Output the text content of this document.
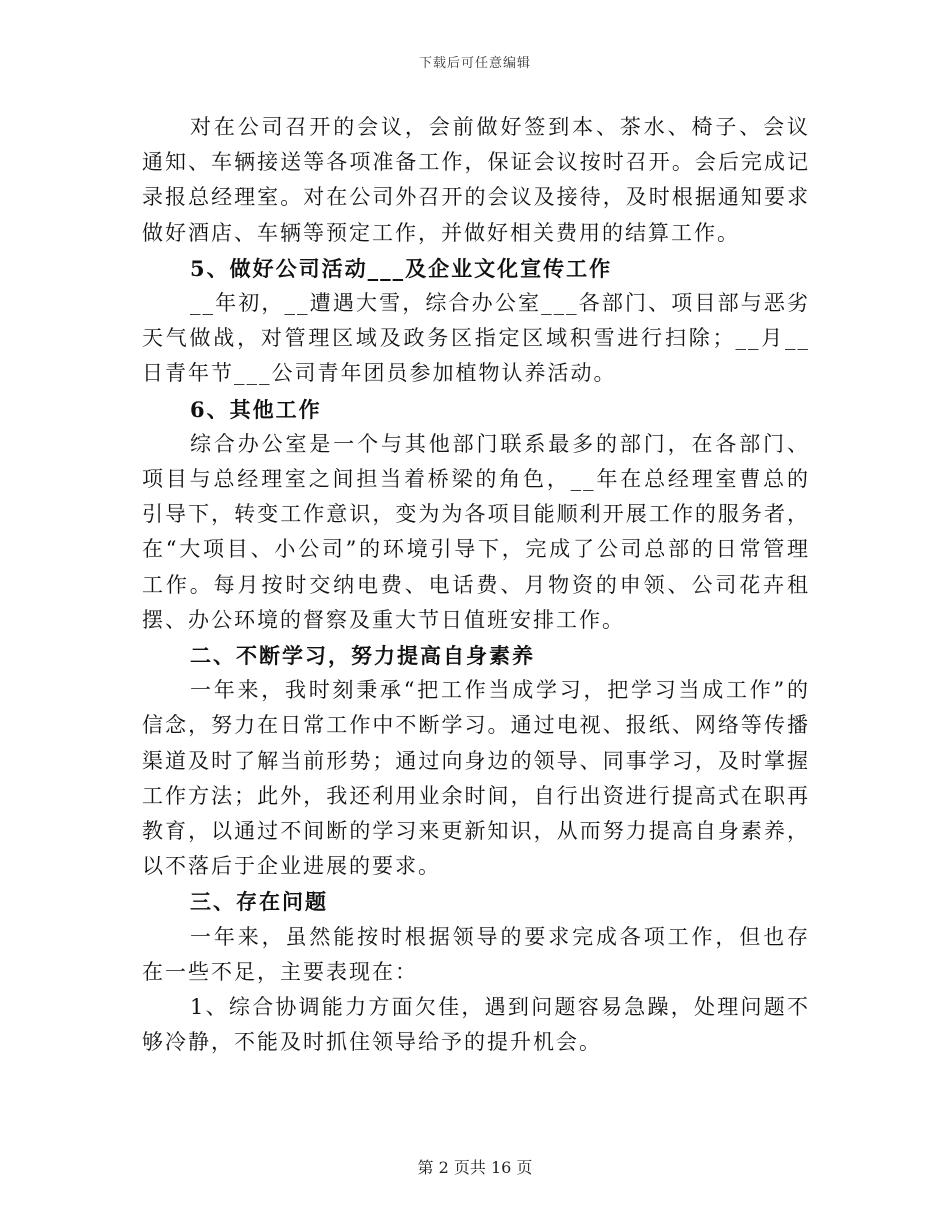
下载后可任意编辑

对在公司召开的会议，会前做好签到本、茶水、椅子、会议通知、车辆接送等各项准备工作，保证会议按时召开。会后完成记录报总经理室。对在公司外召开的会议及接待，及时根据通知要求做好酒店、车辆等预定工作，并做好相关费用的结算工作。

5、做好公司活动___及企业文化宣传工作

__年初，__遭遇大雪，综合办公室___各部门、项目部与恶劣天气做战，对管理区域及政务区指定区域积雪进行扫除；__月__日青年节___公司青年团员参加植物认养活动。

6、其他工作

综合办公室是一个与其他部门联系最多的部门，在各部门、项目与总经理室之间担当着桥梁的角色，__年在总经理室曹总的引导下，转变工作意识，变为为各项目能顺利开展工作的服务者，在“大项目、小公司”的环境引导下，完成了公司总部的日常管理工作。每月按时交纳电费、电话费、月物资的申领、公司花卉租摆、办公环境的督察及重大节日值班安排工作。

二、不断学习，努力提高自身素养

一年来，我时刻秉承“把工作当成学习，把学习当成工作”的信念，努力在日常工作中不断学习。通过电视、报纸、网络等传播渠道及时了解当前形势；通过向身边的领导、同事学习，及时掌握工作方法；此外，我还利用业余时间，自行出资进行提高式在职再教育，以通过不间断的学习来更新知识，从而努力提高自身素养，以不落后于企业进展的要求。

三、存在问题

一年来，虽然能按时根据领导的要求完成各项工作，但也存在一些不足，主要表现在：

1、综合协调能力方面欠佳，遇到问题容易急躁，处理问题不够冷静，不能及时抓住领导给予的提升机会。

第 2 页共 16 页
